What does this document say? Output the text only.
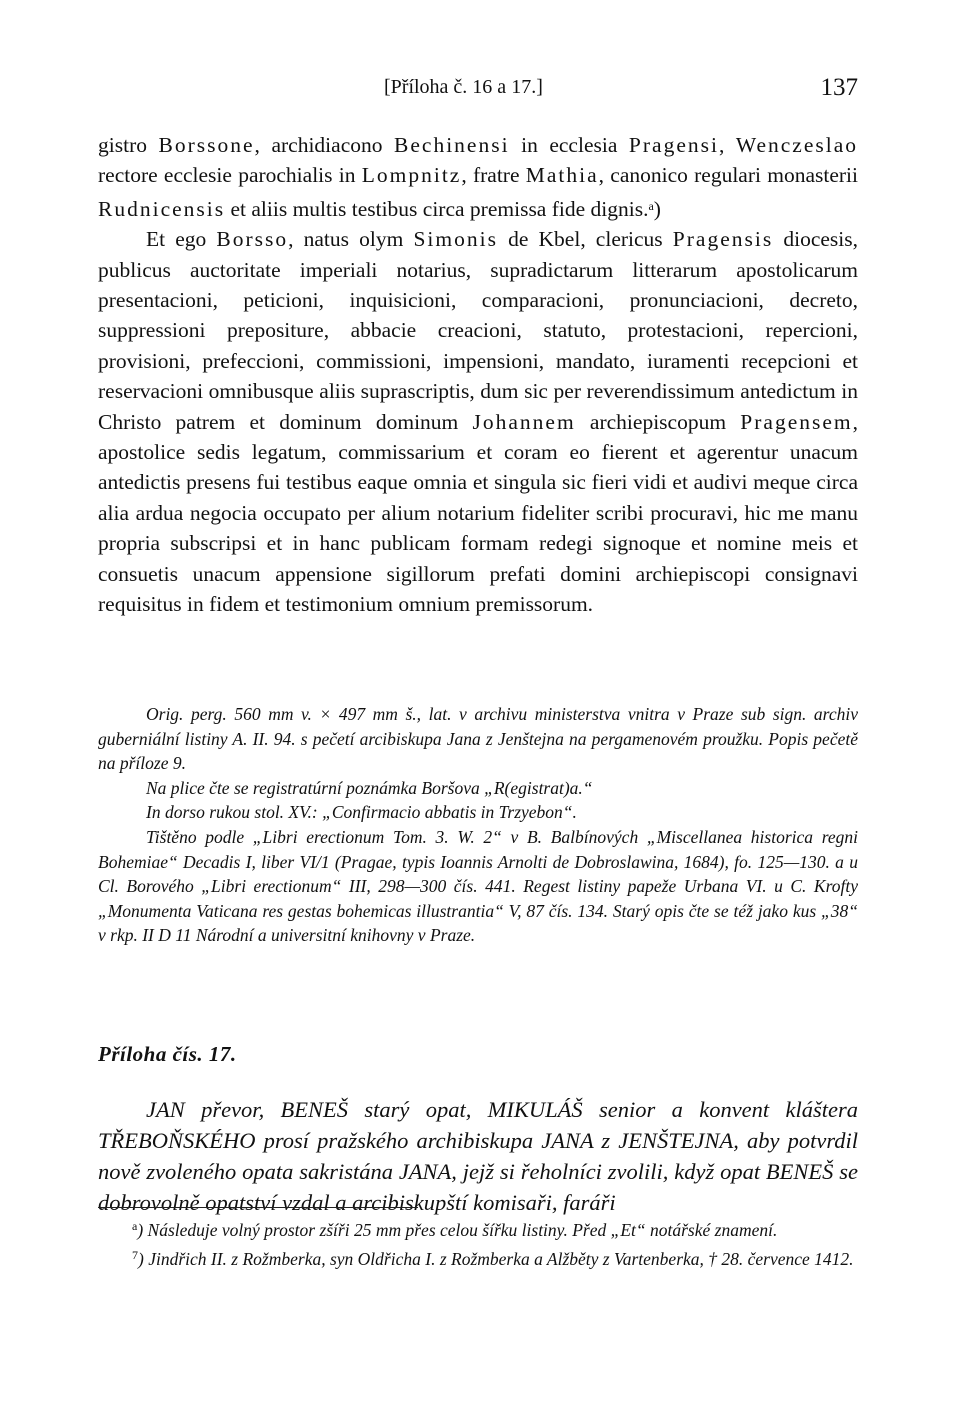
[Příloha č. 16 a 17.]	137

gistro Borssone, archidiacono Bechinensi in ecclesia Pragensi, Wenczeslao rectore ecclesie parochialis in Lompnitz, fratre Mathia, canonico regulari monasterii Rudnicensis et aliis multis testibus circa premissa fide dignis.$^a$)

Et ego Borsso, natus olym Simonis de Kbel, clericus Pragensis diocesis, publicus auctoritate imperiali notarius, supradictarum litterarum apostolicarum presentacioni, peticioni, inquisicioni, comparacioni, pronunciacioni, decreto, suppressioni prepositure, abbacie creacioni, statuto, protestacioni, repercioni, provisioni, prefeccioni, commissioni, impensioni, mandato, iuramenti recepcioni et reservacioni omnibusque aliis suprascriptis, dum sic per reverendissimum antedictum in Christo patrem et dominum dominum Johannem archiepiscopum Pragensem, apostolice sedis legatum, commissarium et coram eo fierent et agerentur unacum antedictis presens fui testibus eaque omnia et singula sic fieri vidi et audivi meque circa alia ardua negocia occupato per alium notarium fideliter scribi procuravi, hic me manu propria subscripsi et in hanc publicam formam redegi signoque et nomine meis et consuetis unacum appensione sigillorum prefati domini archiepiscopi consignavi requisitus in fidem et testimonium omnium premissorum.

Orig. perg. 560 mm v. × 497 mm š., lat. v archivu ministerstva vnitra v Praze sub sign. archiv guberniální listiny A. II. 94. s pečetí arcibiskupa Jana z Jenštejna na pergamenovém proužku. Popis pečetě na příloze 9.

Na plice čte se registratúrní poznámka Boršova „R(egistrat)a.“

In dorso rukou stol. XV.: „Confirmacio abbatis in Trzyebon“.

Tištěno podle „Libri erectionum Tom. 3. W. 2“ v B. Balbínových „Miscellanea historica regni Bohemiae“ Decadis I, liber VI/1 (Pragae, typis Ioannis Arnolti de Dobroslawina, 1684), fo. 125—130. a u Cl. Borového „Libri erectionum“ III, 298—300 čís. 441. Regest listiny papeže Urbana VI. u C. Krofty „Monumenta Vaticana res gestas bohemicas illustrantia“ V, 87 čís. 134. Starý opis čte se též jako kus „38“ v rkp. II D 11 Národní a universitní knihovny v Praze.

Příloha čís. 17.

JAN převor, BENEŠ starý opat, MIKULÁŠ senior a konvent kláštera TŘEBOŇSKÉHO prosí pražského archibiskupa JANA z JENŠTEJNA, aby potvrdil nově zvoleného opata sakristána JANA, jejž si řeholníci zvolili, když opat BENEŠ se dobrovolně opatství vzdal a arcibiskupští komisaři, faráři

$^a$) Následuje volný prostor zšíři 25 mm přes celou šířku listiny. Před „Et“ notářské znamení.

$^7$) Jindřich II. z Rožmberka, syn Oldřicha I. z Rožmberka a Alžběty z Vartenberka, † 28. července 1412.
